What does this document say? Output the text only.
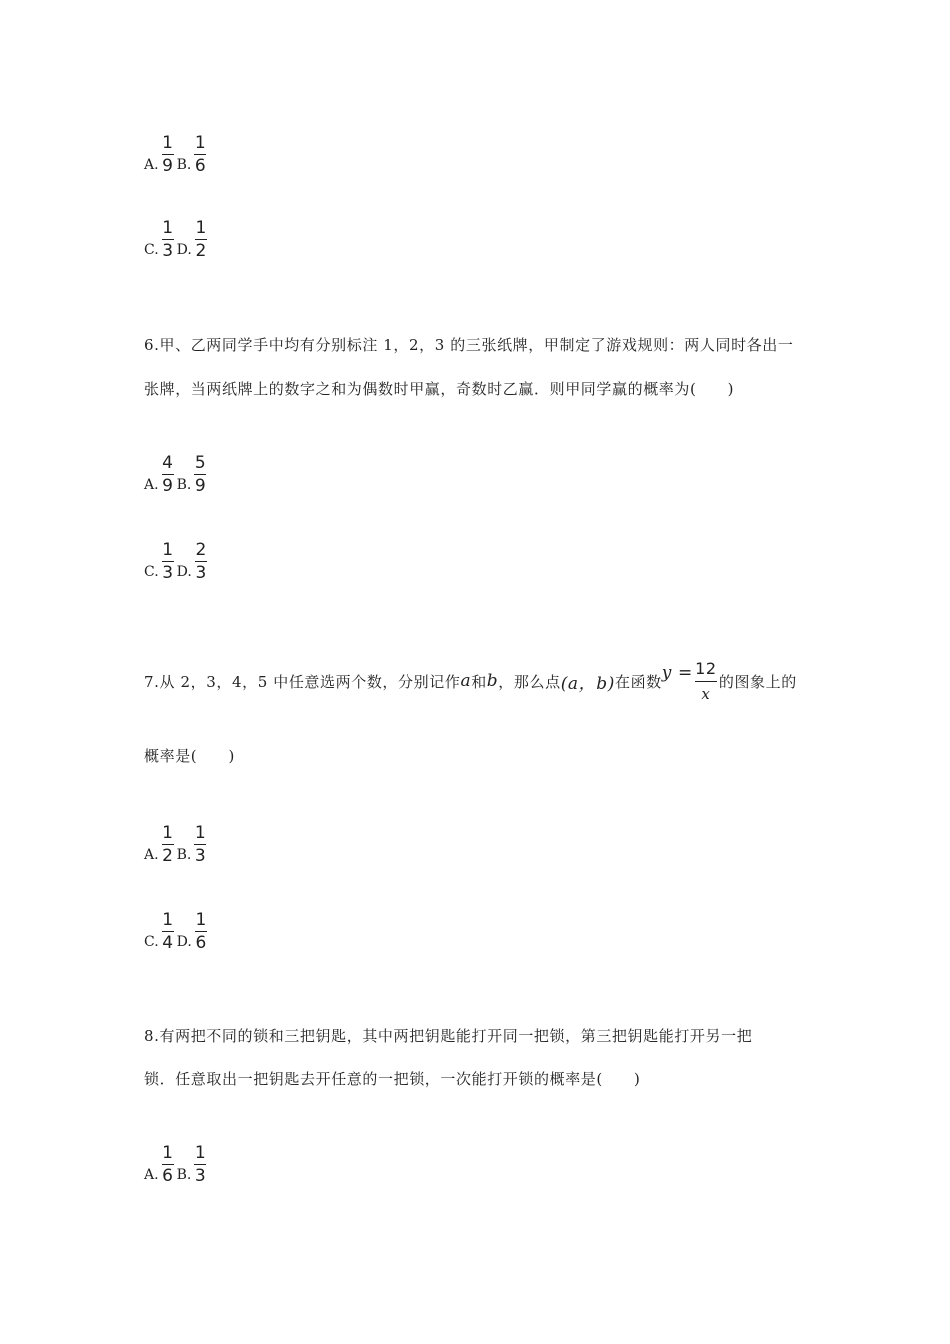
A. $\frac{1}{9} B$. $\frac{1}{6}$
C. $\frac{1}{3} D$. $\frac{1}{2}$
6.甲、乙两同学手中均有分别标注 1，2，3 的三张纸牌，甲制定了游戏规则：两人同时各出一
张牌，当两纸牌上的数字之和为偶数时甲赢，奇数时乙赢．则甲同学赢的概率为(　　)
A. $\frac{4}{9} B$. $\frac{5}{9}$
C. $\frac{1}{3} D$. $\frac{2}{3}$
7.从 2，3，4，5 中任意选两个数，分别记作 a 和 b ，那么点 (a，b) 在函数 y = 12
x
的图象上的
概率是(　　)
A. $\frac{1}{2} B$. $\frac{1}{3}$
C. $\frac{1}{4} D$. $\frac{1}{6}$
8.有两把不同的锁和三把钥匙，其中两把钥匙能打开同一把锁，第三把钥匙能打开另一把
锁．任意取出一把钥匙去开任意的一把锁，一次能打开锁的概率是(　　)
A. $\frac{1}{6} B$. $\frac{1}{3}$
